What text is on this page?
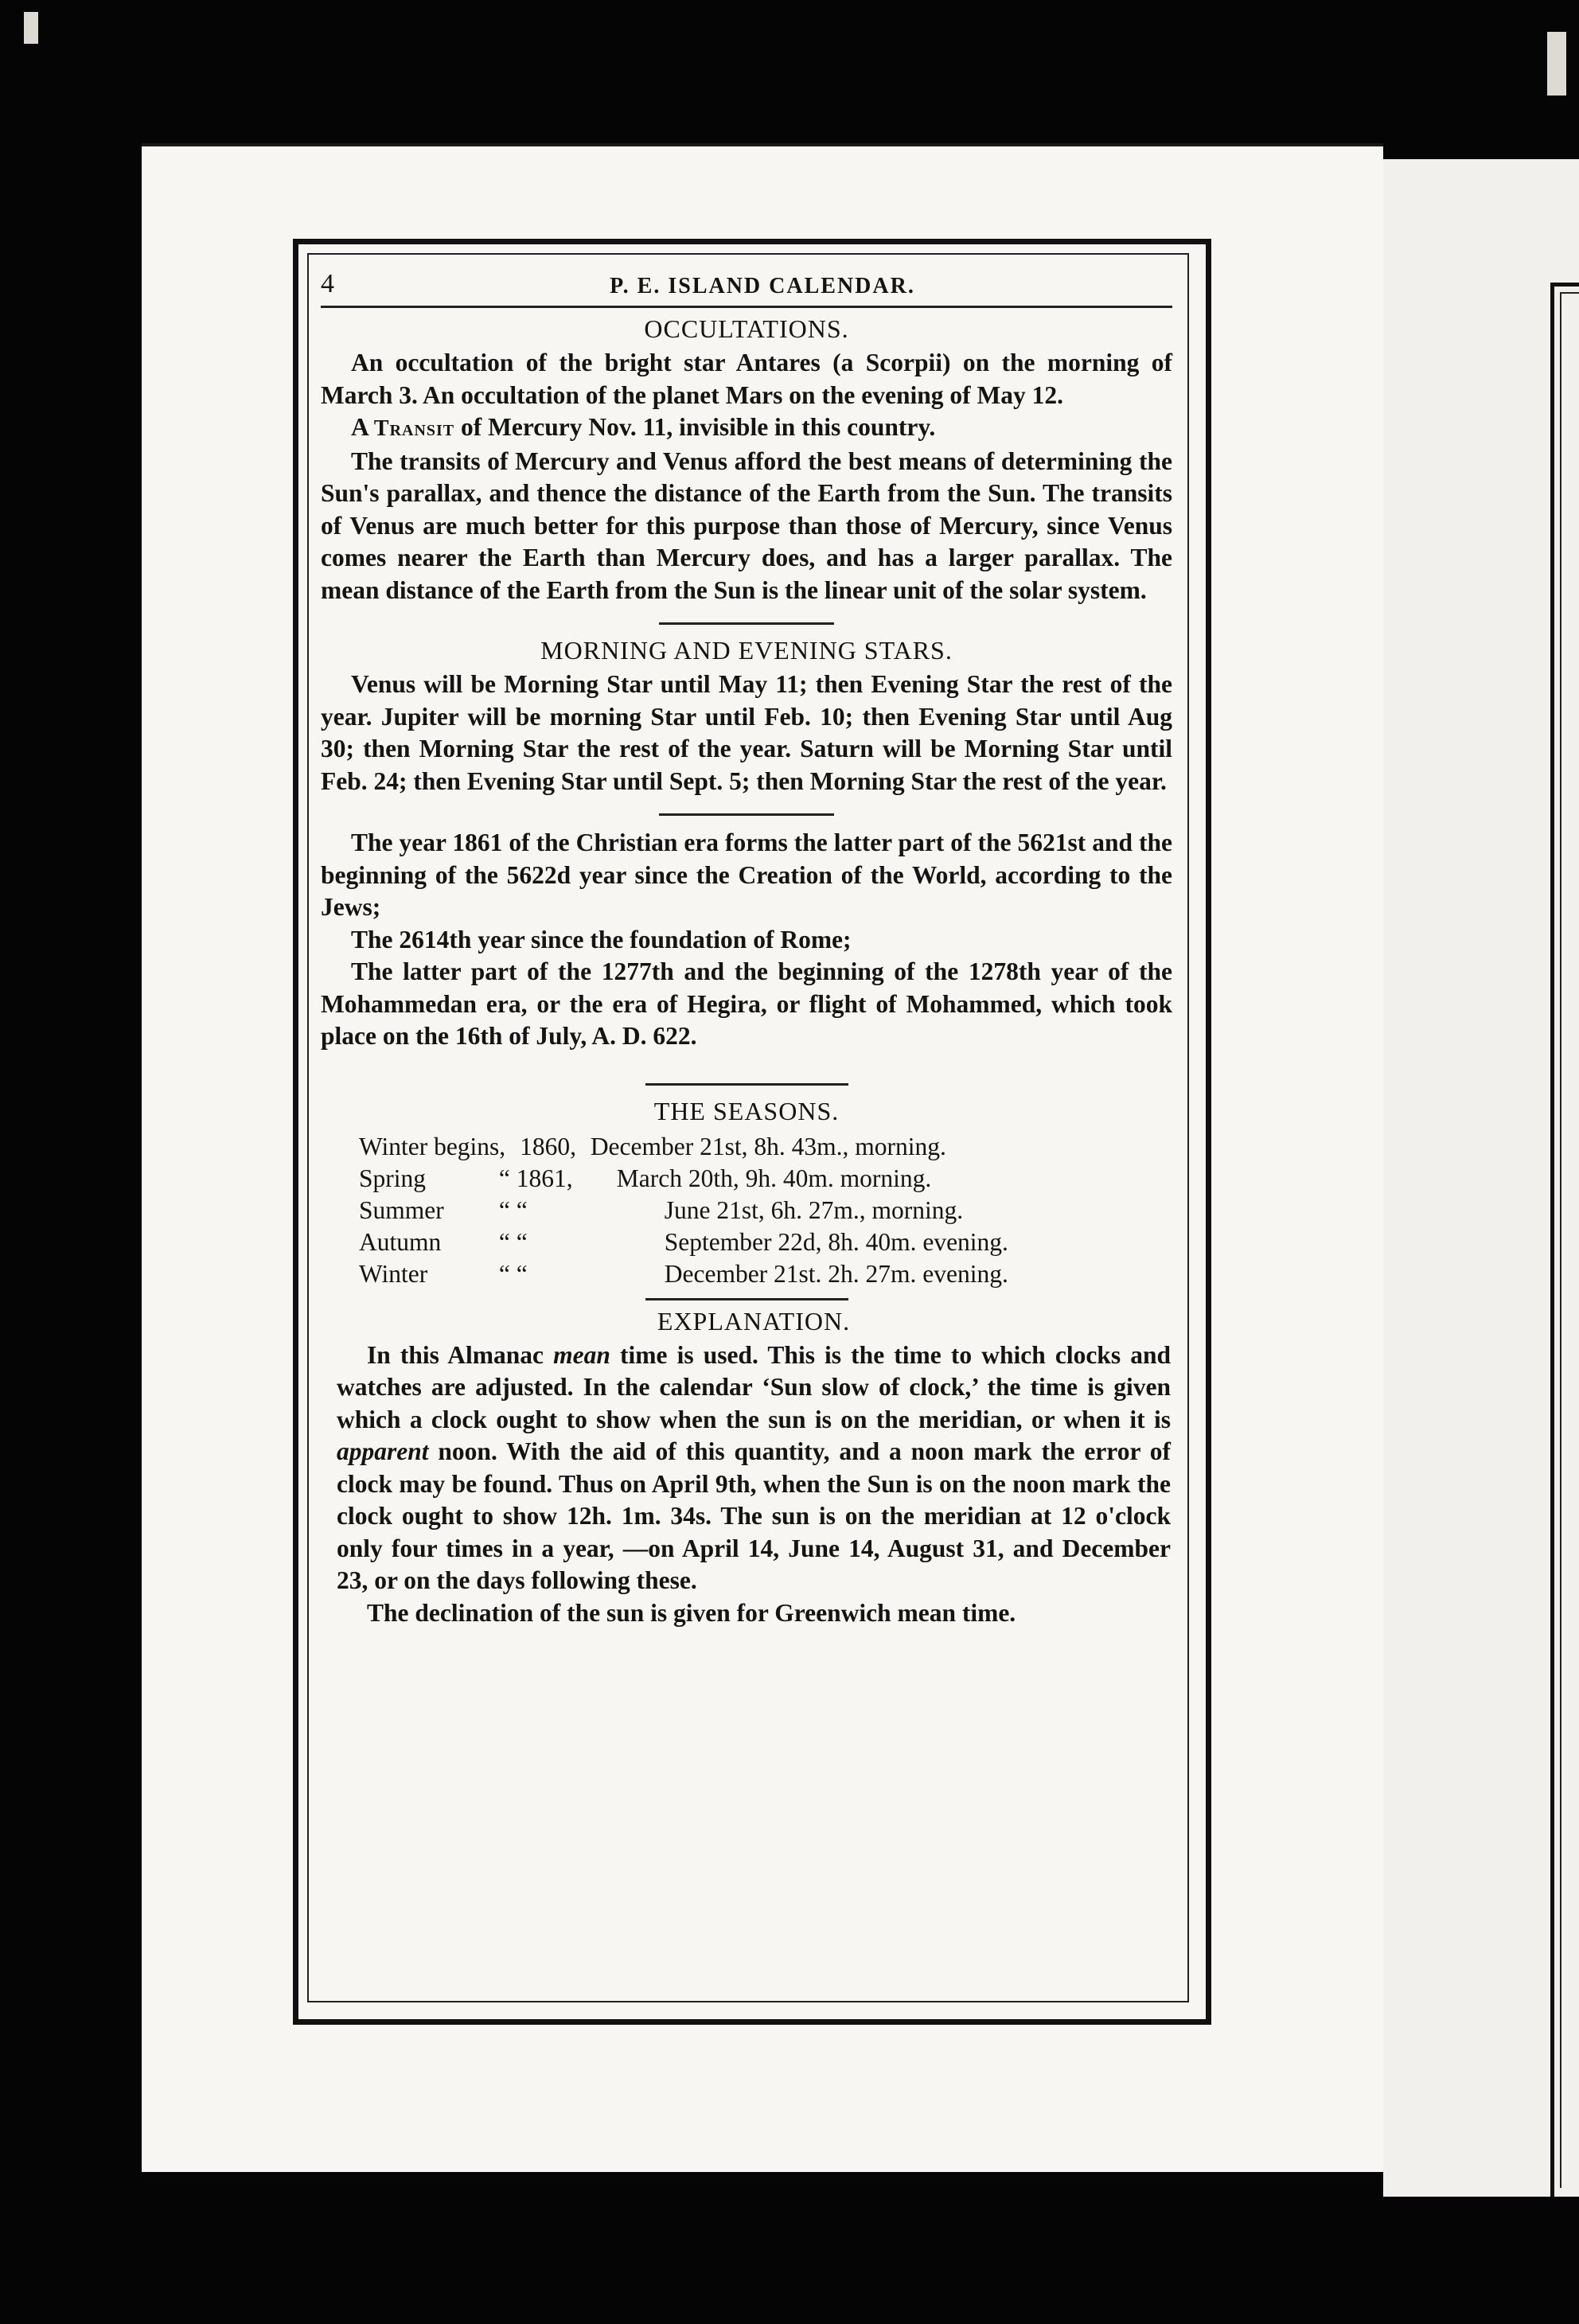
4	P. E. ISLAND CALENDAR.
OCCULTATIONS.

An occultation of the bright star Antares (a Scorpii) on the morning of March 3. An occultation of the planet Mars on the evening of May 12.

A Transit of Mercury Nov. 11, invisible in this country.

The transits of Mercury and Venus afford the best means of determining the Sun's parallax, and thence the distance of the Earth from the Sun. The transits of Venus are much better for this purpose than those of Mercury, since Venus comes nearer the Earth than Mercury does, and has a larger parallax. The mean distance of the Earth from the Sun is the linear unit of the solar system.

MORNING AND EVENING STARS.

Venus will be Morning Star until May 11; then Evening Star the rest of the year. Jupiter will be morning Star until Feb. 10; then Evening Star until Aug 30; then Morning Star the rest of the year. Saturn will be Morning Star until Feb. 24; then Evening Star until Sept. 5; then Morning Star the rest of the year.

The year 1861 of the Christian era forms the latter part of the 5621st and the beginning of the 5622d year since the Creation of the World, according to the Jews;

The 2614th year since the foundation of Rome;

The latter part of the 1277th and the beginning of the 1278th year of the Mohammedan era, or the era of Hegira, or flight of Mohammed, which took place on the 16th of July, A. D. 622.

THE SEASONS.
Winter begins, 1860, December 21st, 8h. 43m., morning.
Spring	“ 1861, March 20th, 9h. 40m. morning.
Summer “ “	June 21st, 6h. 27m., morning.
Autumn “ “	September 22d, 8h. 40m. evening.
Winter	“ “	December 21st. 2h. 27m. evening.
EXPLANATION.

In this Almanac mean time is used. This is the time to which clocks and watches are adjusted. In the calendar ‘Sun slow of clock,’ the time is given which a clock ought to show when the sun is on the meridian, or when it is apparent noon. With the aid of this quantity, and a noon mark the error of clock may be found. Thus on April 9th, when the Sun is on the noon mark the clock ought to show 12h. 1m. 34s. The sun is on the meridian at 12 o'clock only four times in a year, —on April 14, June 14, August 31, and December 23, or on the days following these.

The declination of the sun is given for Greenwich mean time.
